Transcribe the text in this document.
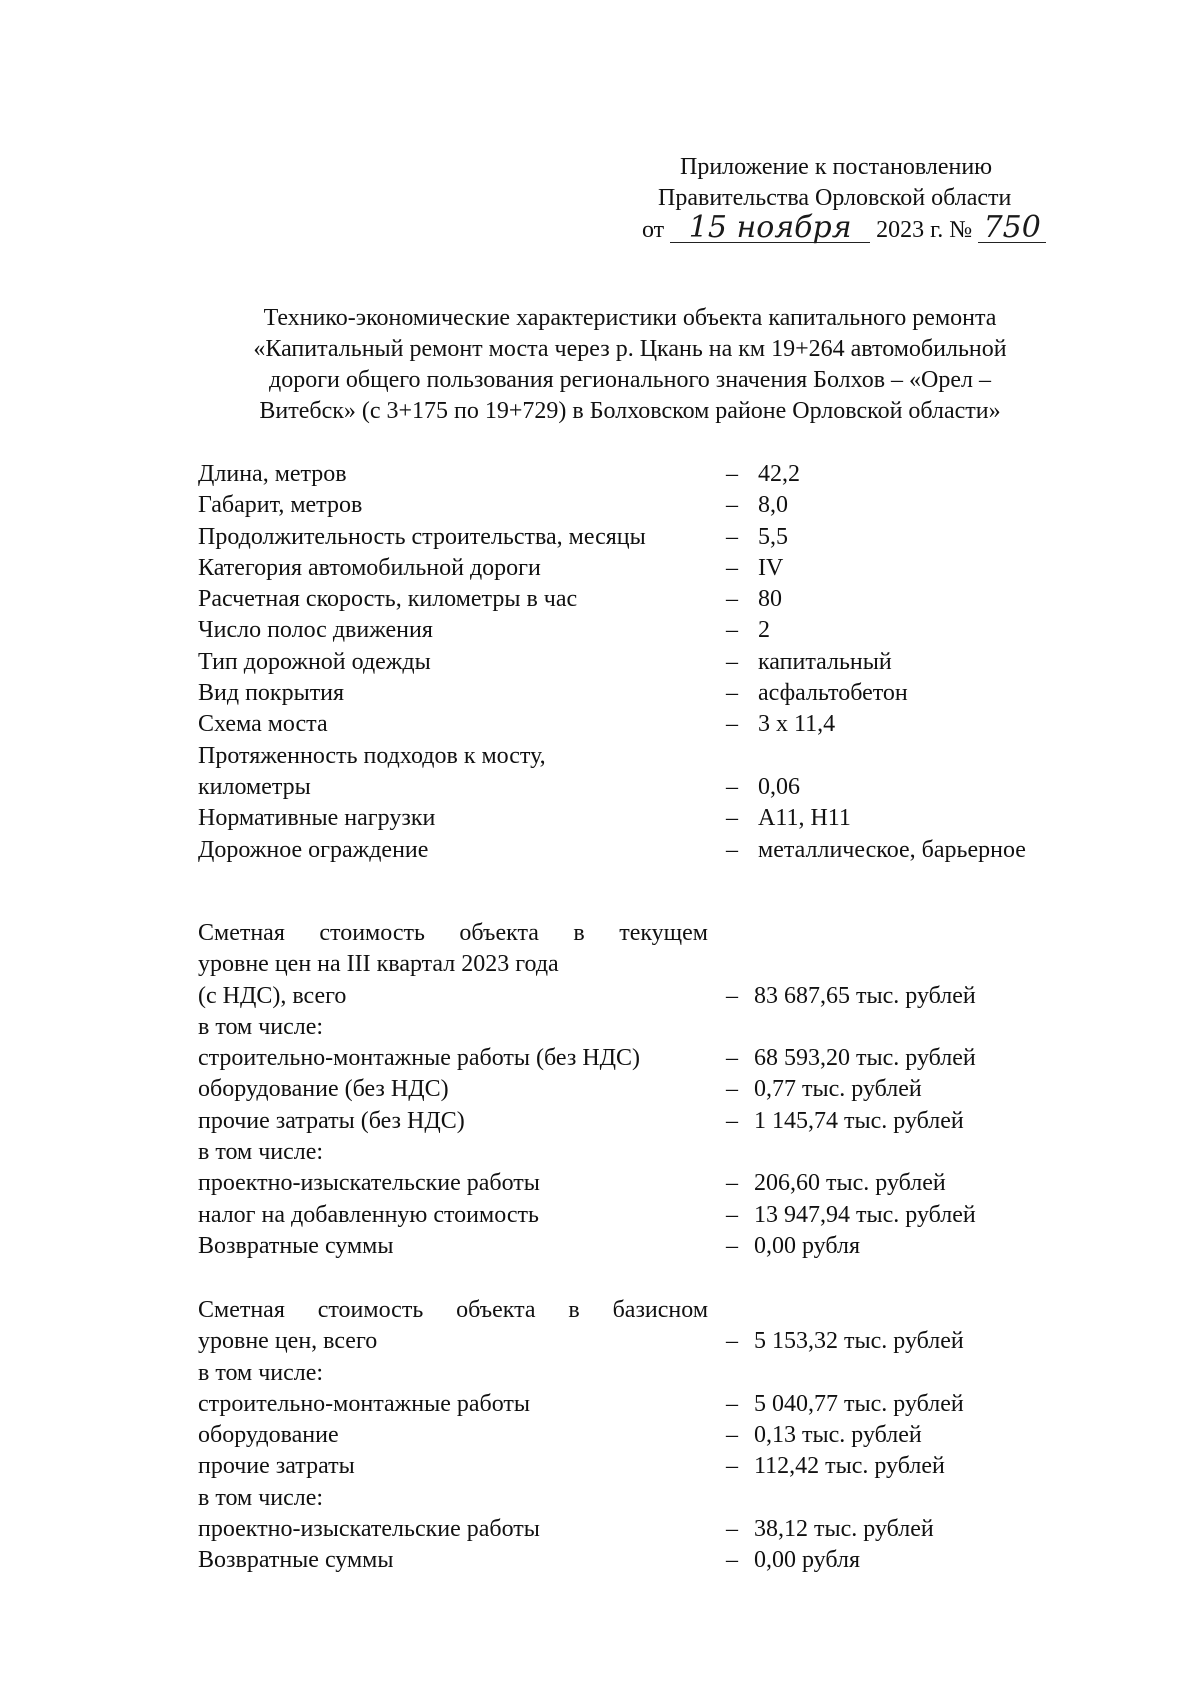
Приложение к постановлению
Правительства Орловской области
от 15 ноября 2023 г. № 750
Технико-экономические характеристики объекта капитального ремонта
«Капитальный ремонт моста через р. Цкань на км 19+264 автомобильной
дороги общего пользования регионального значения Болхов – «Орел –
Витебск» (с 3+175 по 19+729) в Болховском районе Орловской области»
Длина, метров	– 42,2
Габарит, метров	– 8,0
Продолжительность строительства, месяцы	– 5,5
Категория автомобильной дороги	– IV
Расчетная скорость, километры в час	– 80
Число полос движения	– 2
Тип дорожной одежды	– капитальный
Вид покрытия	– асфальтобетон
Схема моста	– 3 x 11,4
Протяженность подходов к мосту,
километры	– 0,06
Нормативные нагрузки	– А11, Н11
Дорожное ограждение	– металлическое, барьерное
Сметная стоимость объекта в текущем
уровне цен на III квартал 2023 года
(с НДС), всего	– 83 687,65 тыс. рублей
в том числе:
строительно-монтажные работы (без НДС)	– 68 593,20 тыс. рублей
оборудование (без НДС)	– 0,77 тыс. рублей
прочие затраты (без НДС)	– 1 145,74 тыс. рублей
в том числе:
проектно-изыскательские работы	– 206,60 тыс. рублей
налог на добавленную стоимость	– 13 947,94 тыс. рублей
Возвратные суммы	– 0,00 рубля
Сметная стоимость объекта в базисном
уровне цен, всего	– 5 153,32 тыс. рублей
в том числе:
строительно-монтажные работы	– 5 040,77 тыс. рублей
оборудование	– 0,13 тыс. рублей
прочие затраты	– 112,42 тыс. рублей
в том числе:
проектно-изыскательские работы	– 38,12 тыс. рублей
Возвратные суммы	– 0,00 рубля
